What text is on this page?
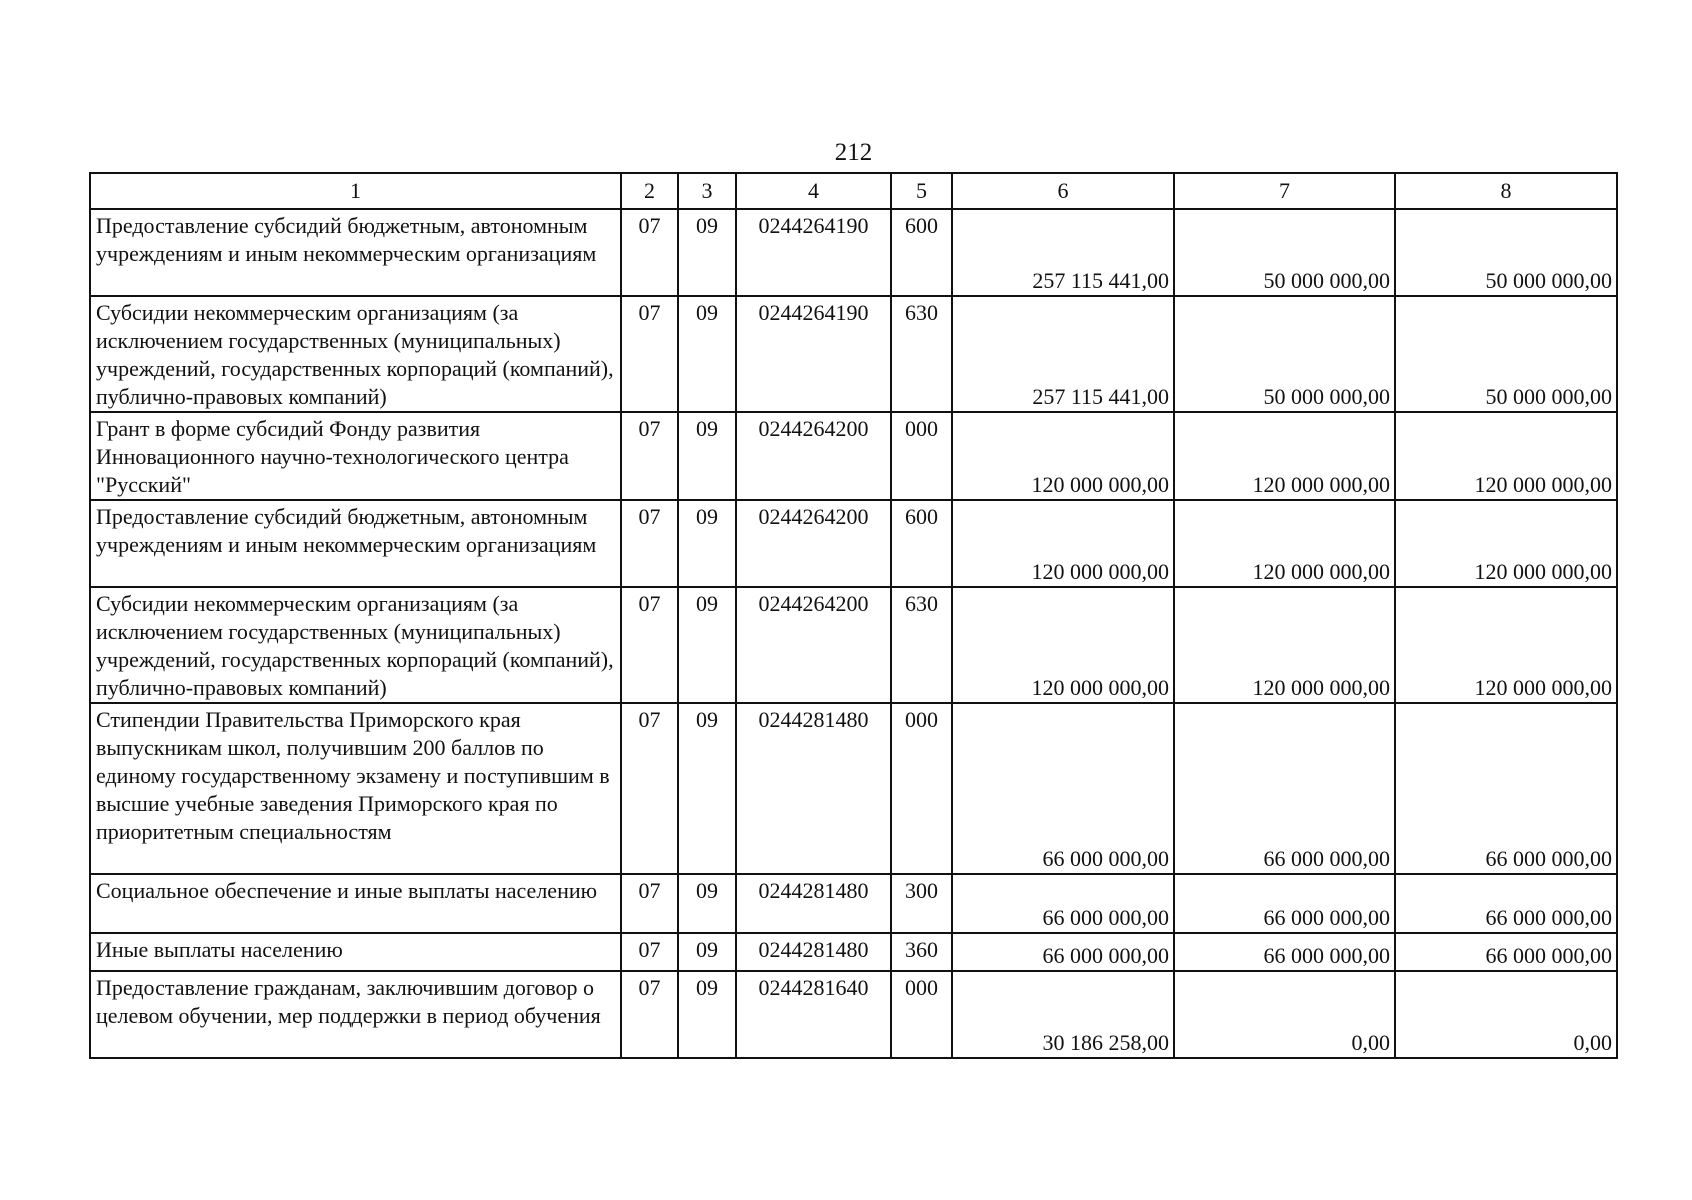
212
1	2	3	4	5	6	7	8
Предоставление субсидий бюджетным, автономным учреждениям и иным некоммерческим организациям	07	09	0244264190	600	257 115 441,00	50 000 000,00	50 000 000,00
Субсидии некоммерческим организациям (за исключением государственных (муниципальных) учреждений, государственных корпораций (компаний), публично-правовых компаний)	07	09	0244264190	630	257 115 441,00	50 000 000,00	50 000 000,00
Грант в форме субсидий Фонду развития Инновационного научно-технологического центра "Русский"	07	09	0244264200	000	120 000 000,00	120 000 000,00	120 000 000,00
Предоставление субсидий бюджетным, автономным учреждениям и иным некоммерческим организациям	07	09	0244264200	600	120 000 000,00	120 000 000,00	120 000 000,00
Субсидии некоммерческим организациям (за исключением государственных (муниципальных) учреждений, государственных корпораций (компаний), публично-правовых компаний)	07	09	0244264200	630	120 000 000,00	120 000 000,00	120 000 000,00
Стипендии Правительства Приморского края выпускникам школ, получившим 200 баллов по единому государственному экзамену и поступившим в высшие учебные заведения Приморского края по приоритетным специальностям	07	09	0244281480	000	66 000 000,00	66 000 000,00	66 000 000,00
Социальное обеспечение и иные выплаты населению	07	09	0244281480	300	66 000 000,00	66 000 000,00	66 000 000,00
Иные выплаты населению	07	09	0244281480	360	66 000 000,00	66 000 000,00	66 000 000,00
Предоставление гражданам, заключившим договор о целевом обучении, мер поддержки в период обучения	07	09	0244281640	000	30 186 258,00	0,00	0,00
